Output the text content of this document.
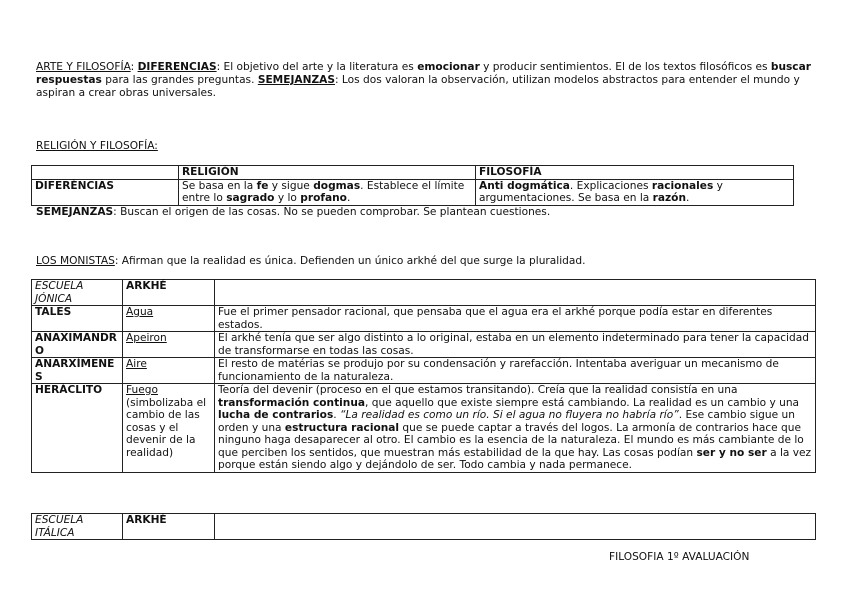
ARTE Y FILOSOFÍA: DIFERENCIAS: El objetivo del arte y la literatura es emocionar y producir sentimientos. El de los textos filosóficos es buscar respuestas para las grandes preguntas. SEMEJANZAS: Los dos valoran la observación, utilizan modelos abstractos para entender el mundo y aspiran a crear obras universales.
RELIGIÓN Y FILOSOFÍA:
	RELIGIÓN	FILOSOFÍA
DIFERÈNCIAS	Se basa en la fe y sigue dogmas. Establece el límite entre lo sagrado y lo profano.	Anti dogmática. Explicaciones racionales y argumentaciones. Se basa en la razón.
SEMEJANZAS: Buscan el origen de las cosas. No se pueden comprobar. Se plantean cuestiones.
LOS MONISTAS: Afirman que la realidad es única. Defienden un único arkhé del que surge la pluralidad.
ESCUELA JÓNICA	ARKHÉ	
TALES	Agua	Fue el primer pensador racional, que pensaba que el agua era el arkhé porque podía estar en diferentes estados.
ANAXIMANDRO	Apeiron	El arkhé tenía que ser algo distinto a lo original, estaba en un elemento indeterminado para tener la capacidad de transformarse en todas las cosas.
ANARXÍMENES	Aire	El resto de matérias se produjo por su condensación y rarefacción. Intentaba averiguar un mecanismo de funcionamiento de la naturaleza.
HERÀCLITO	Fuego (simbolizaba el cambio de las cosas y el devenir de la realidad)	Teoría del devenir (proceso en el que estamos transitando). Creía que la realidad consistía en una transformación continua, que aquello que existe siempre está cambiando. La realidad es un cambio y una lucha de contrarios. “La realidad es como un río. Si el agua no fluyera no habría río”. Ese cambio sigue un orden y una estructura racional que se puede captar a través del logos. La armonía de contrarios hace que ninguno haga desaparecer al otro. El cambio es la esencia de la naturaleza. El mundo es más cambiante de lo que perciben los sentidos, que muestran más estabilidad de la que hay. Las cosas podían ser y no ser a la vez porque están siendo algo y dejándolo de ser. Todo cambia y nada permanece.
ESCUELA ITÁLICA	ARKHÉ	
FILOSOFIA 1º AVALUACIÓN
